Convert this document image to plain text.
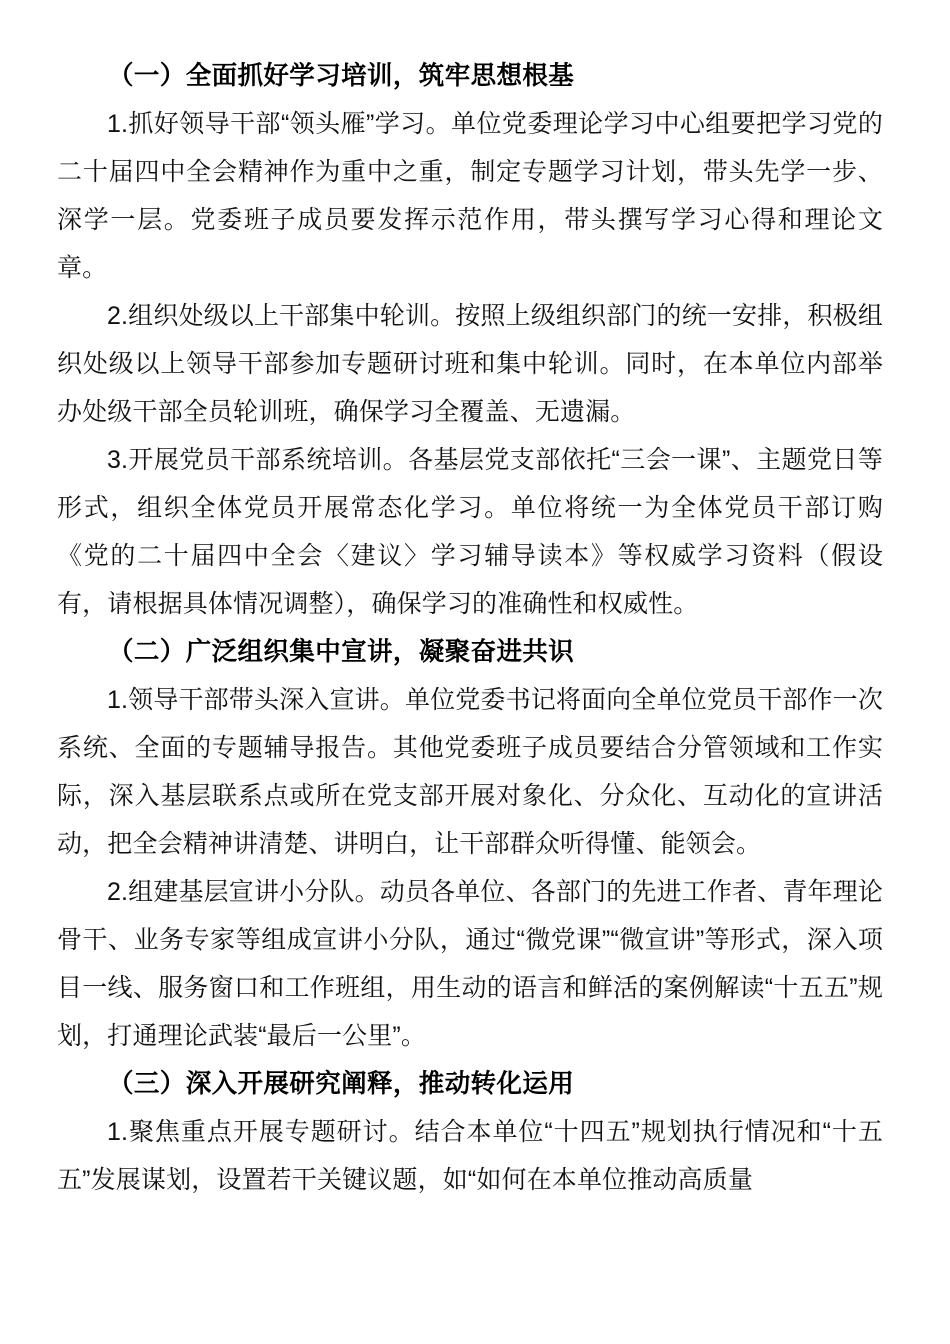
（一）全面抓好学习培训，筑牢思想根基

1.抓好领导干部“领头雁”学习。单位党委理论学习中心组要把学习党的二十届四中全会精神作为重中之重，制定专题学习计划，带头先学一步、深学一层。党委班子成员要发挥示范作用，带头撰写学习心得和理论文章。

2.组织处级以上干部集中轮训。按照上级组织部门的统一安排，积极组织处级以上领导干部参加专题研讨班和集中轮训。同时，在本单位内部举办处级干部全员轮训班，确保学习全覆盖、无遗漏。

3.开展党员干部系统培训。各基层党支部依托“三会一课”、主题党日等形式，组织全体党员开展常态化学习。单位将统一为全体党员干部订购《党的二十届四中全会〈建议〉学习辅导读本》等权威学习资料（假设有，请根据具体情况调整），确保学习的准确性和权威性。

（二）广泛组织集中宣讲，凝聚奋进共识

1.领导干部带头深入宣讲。单位党委书记将面向全单位党员干部作一次系统、全面的专题辅导报告。其他党委班子成员要结合分管领域和工作实际，深入基层联系点或所在党支部开展对象化、分众化、互动化的宣讲活动，把全会精神讲清楚、讲明白，让干部群众听得懂、能领会。

2.组建基层宣讲小分队。动员各单位、各部门的先进工作者、青年理论骨干、业务专家等组成宣讲小分队，通过“微党课”“微宣讲”等形式，深入项目一线、服务窗口和工作班组，用生动的语言和鲜活的案例解读“十五五”规划，打通理论武装“最后一公里”。

（三）深入开展研究阐释，推动转化运用

1.聚焦重点开展专题研讨。结合本单位“十四五”规划执行情况和“十五五”发展谋划，设置若干关键议题，如“如何在本单位推动高质量
